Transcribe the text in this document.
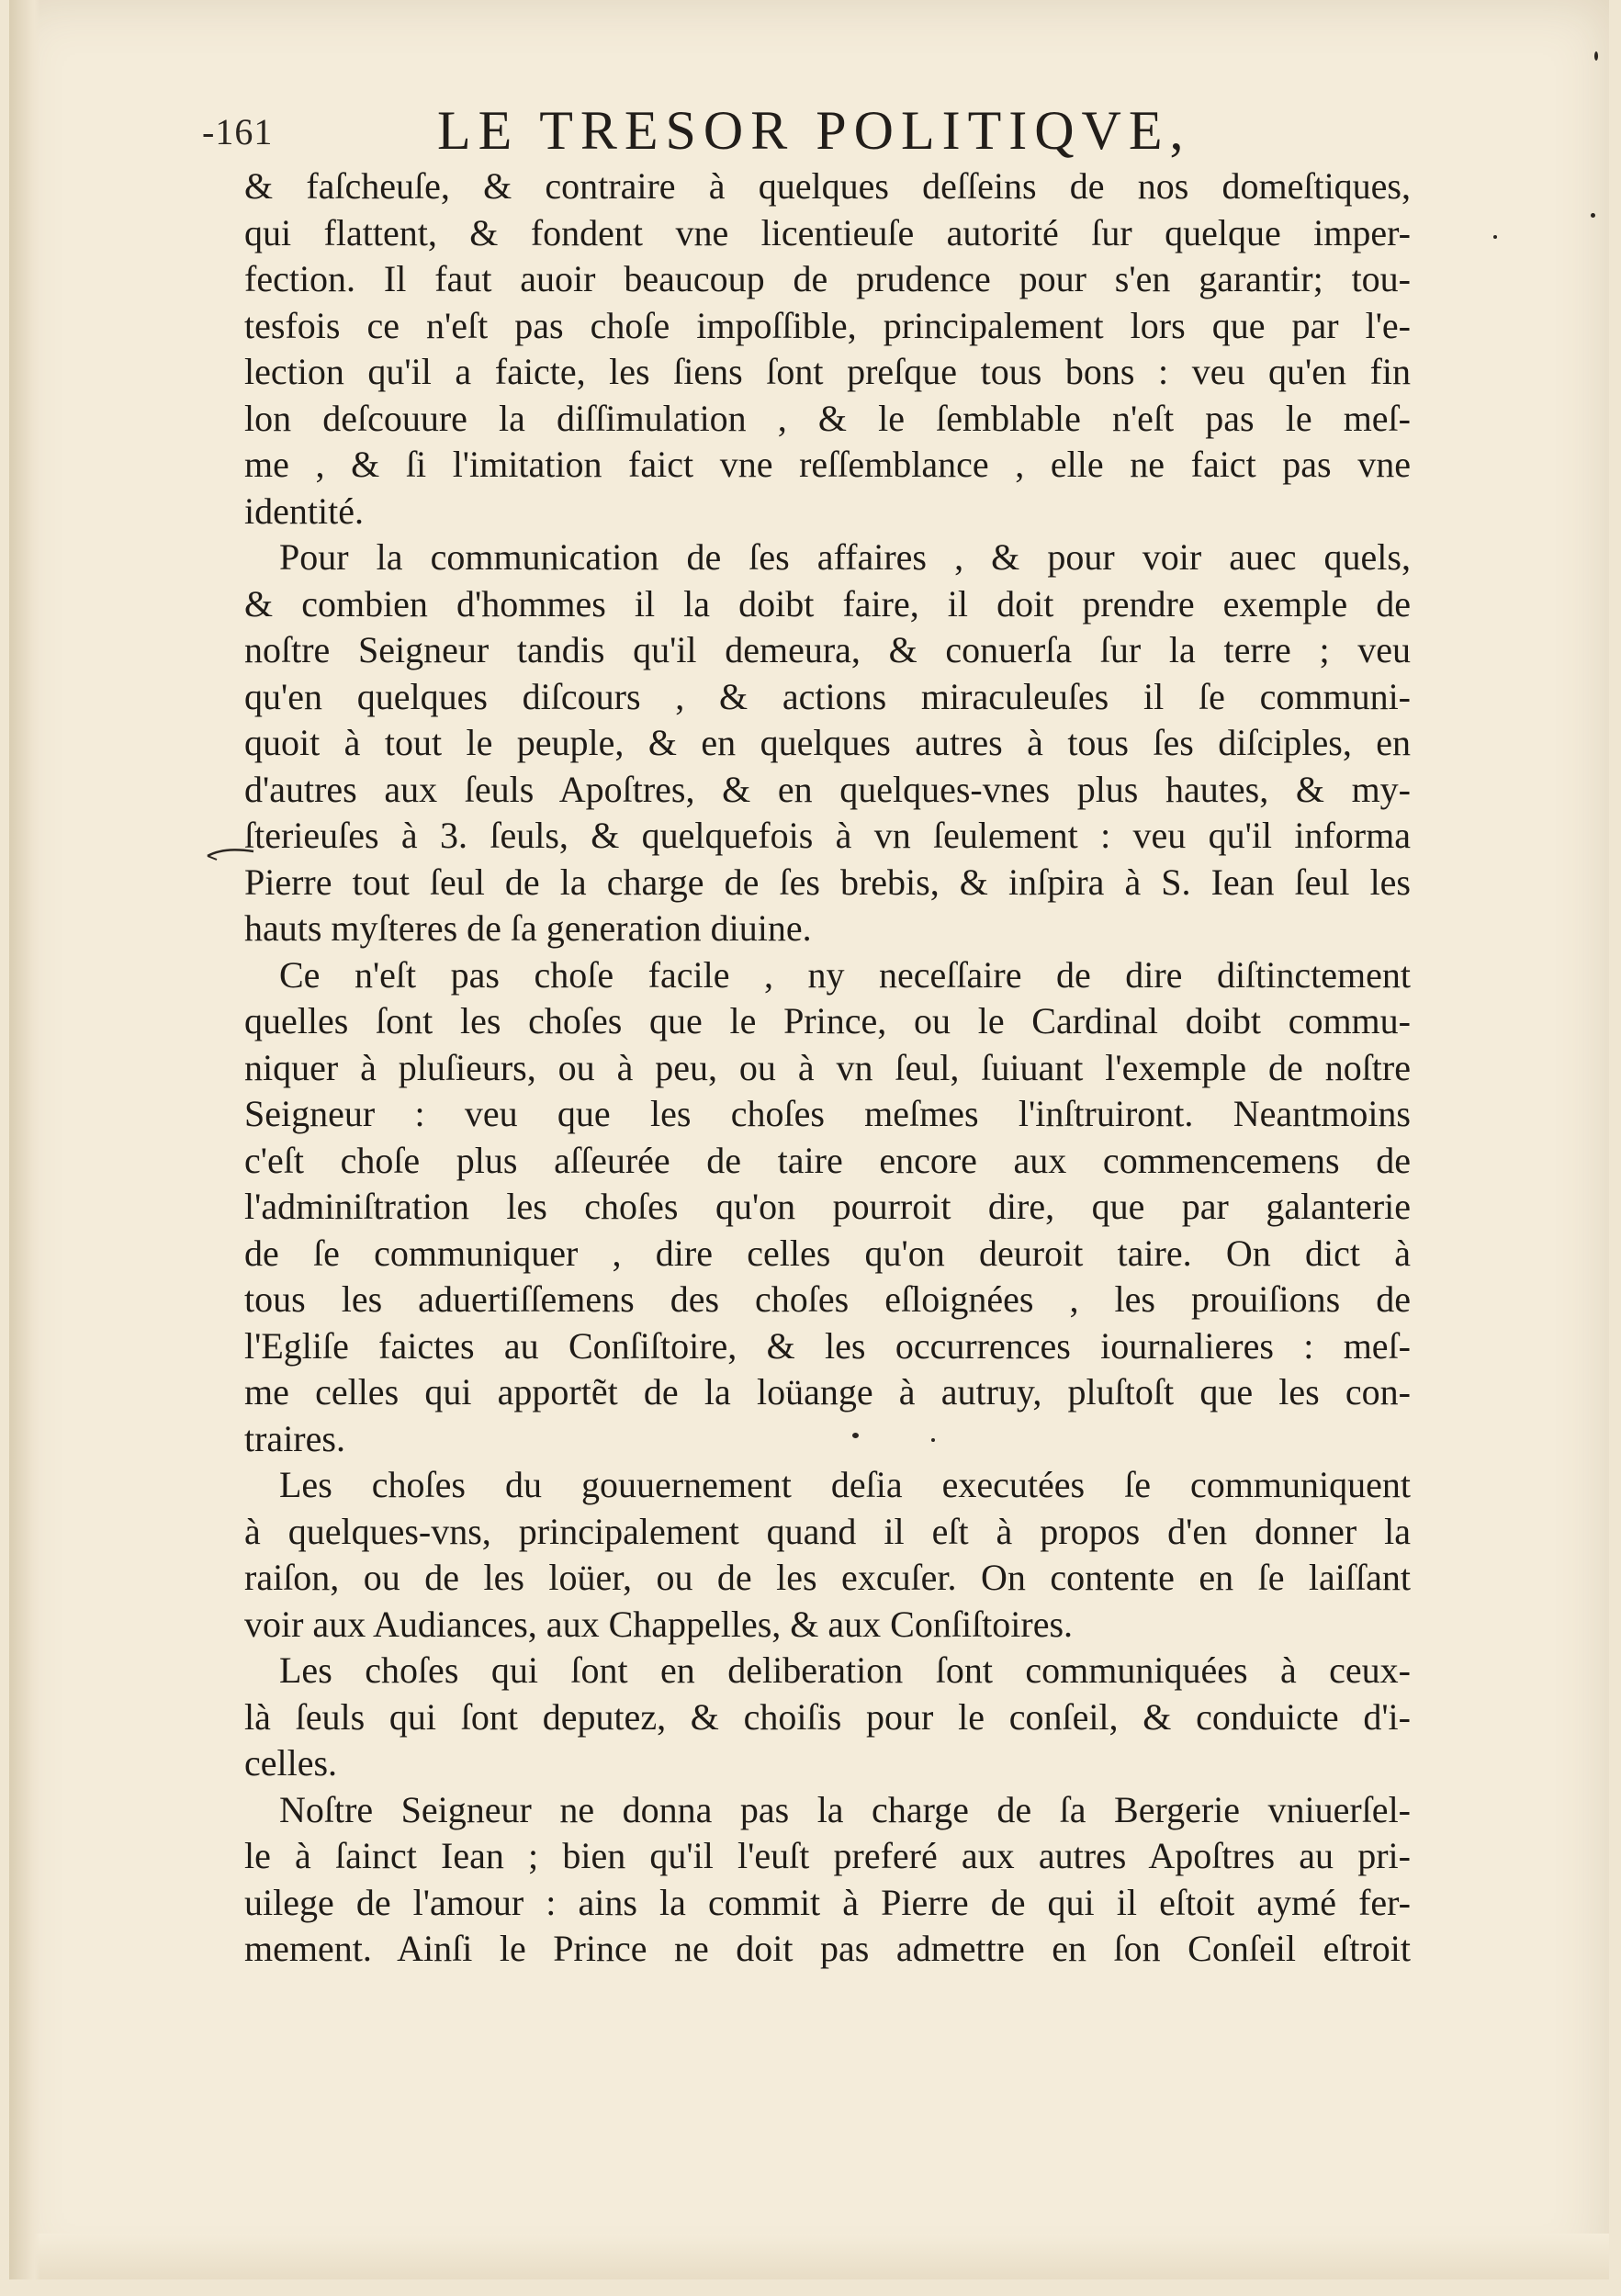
-161	LE TRESOR POLITIQVE,
& faſcheuſe, & contraire à quelques deſſeins de nos domeſtiques,
qui flattent, & fondent vne licentieuſe autorité ſur quelque imper-
fection. Il faut auoir beaucoup de prudence pour s'en garantir; tou-
tesfois ce n'eſt pas choſe impoſſible, principalement lors que par l'e-
lection qu'il a faicte, les ſiens ſont preſque tous bons : veu qu'en fin
lon deſcouure la diſſimulation , & le ſemblable n'eſt pas le meſ-
me , & ſi l'imitation faict vne reſſemblance , elle ne faict pas vne
identité.
Pour la communication de ſes affaires , & pour voir auec quels,
& combien d'hommes il la doibt faire, il doit prendre exemple de
noſtre Seigneur tandis qu'il demeura, & conuerſa ſur la terre ; veu
qu'en quelques diſcours , & actions miraculeuſes il ſe communi-
quoit à tout le peuple, & en quelques autres à tous ſes diſciples, en
d'autres aux ſeuls Apoſtres, & en quelques-vnes plus hautes, & my-
ſterieuſes à 3. ſeuls, & quelquefois à vn ſeulement : veu qu'il informa
Pierre tout ſeul de la charge de ſes brebis, & inſpira à S. Iean ſeul les
hauts myſteres de ſa generation diuine.
Ce n'eſt pas choſe facile , ny neceſſaire de dire diſtinctement
quelles ſont les choſes que le Prince, ou le Cardinal doibt commu-
niquer à pluſieurs, ou à peu, ou à vn ſeul, ſuiuant l'exemple de noſtre
Seigneur : veu que les choſes meſmes l'inſtruiront. Neantmoins
c'eſt choſe plus aſſeurée de taire encore aux commencemens de
l'adminiſtration les choſes qu'on pourroit dire, que par galanterie
de ſe communiquer , dire celles qu'on deuroit taire. On dict à
tous les aduertiſſemens des choſes eſloignées , les prouiſions de
l'Egliſe faictes au Conſiſtoire, & les occurrences iournalieres : meſ-
me celles qui apportẽt de la loüange à autruy, pluſtoſt que les con-
traires.
Les choſes du gouuernement deſia executées ſe communiquent
à quelques-vns, principalement quand il eſt à propos d'en donner la
raiſon, ou de les loüer, ou de les excuſer. On contente en ſe laiſſant
voir aux Audiances, aux Chappelles, & aux Conſiſtoires.
Les choſes qui ſont en deliberation ſont communiquées à ceux-
là ſeuls qui ſont deputez, & choiſis pour le conſeil, & conduicte d'i-
celles.
Noſtre Seigneur ne donna pas la charge de ſa Bergerie vniuerſel-
le à ſainct Iean ; bien qu'il l'euſt preferé aux autres Apoſtres au pri-
uilege de l'amour : ains la commit à Pierre de qui il eſtoit aymé fer-
mement. Ainſi le Prince ne doit pas admettre en ſon Conſeil eſtroit
